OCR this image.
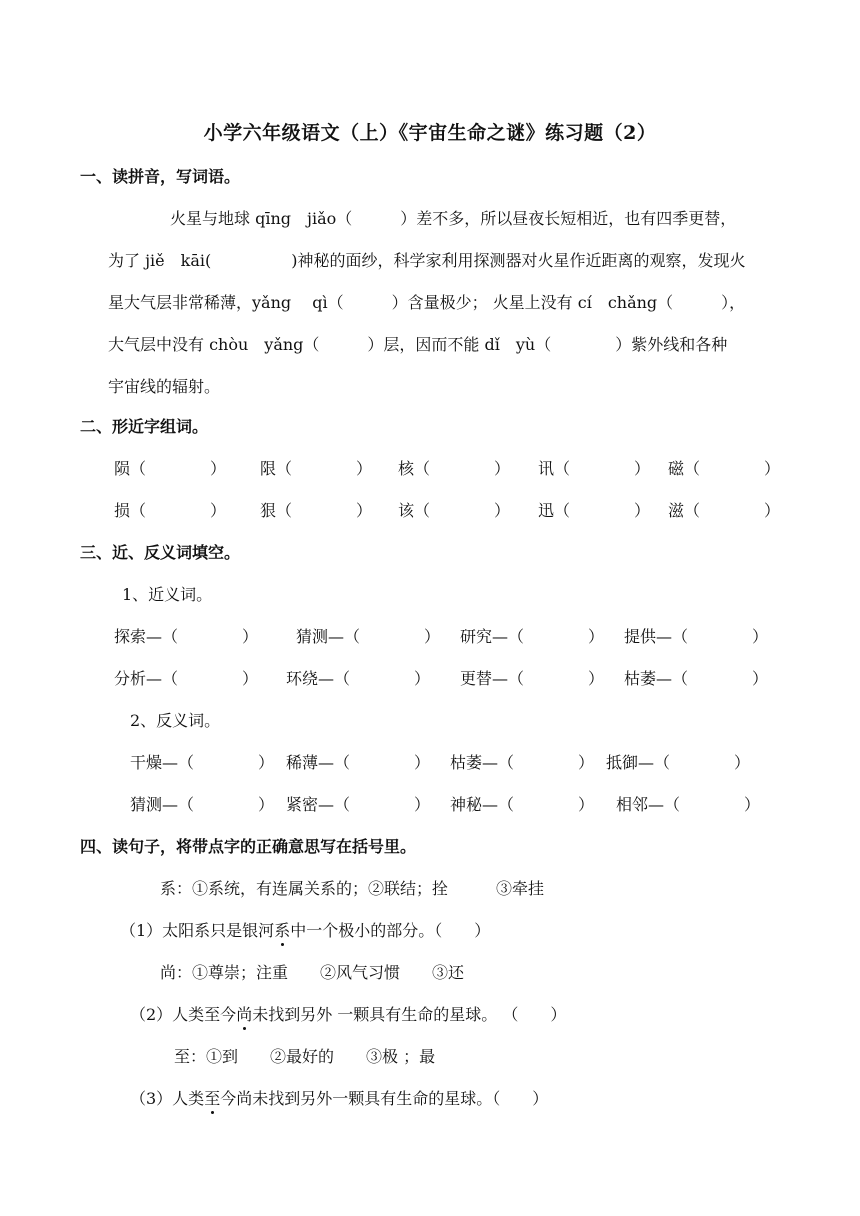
小学六年级语文（上）《宇宙生命之谜》练习题（2）
一、读拼音，写词语。
火星与地球 qīng　jiǎo（　　　）差不多，所以昼夜长短相近，也有四季更替，
为了 jiě　kāi(　　　　　)神秘的面纱，科学家利用探测器对火星作近距离的观察，发现火
星大气层非常稀薄，yǎng　 qì（　　　）含量极少； 火星上没有 cí　chǎng（　　　），
大气层中没有 chòu　yǎng（　　　）层，因而不能 dǐ　yù（　　　　）紫外线和各种
宇宙线的辐射。
二、形近字组词。
陨（　　　　） 限（　　　　） 核（　　　　） 讯（　　　　） 磁（　　　　）
损（　　　　） 狠（　　　　） 该（　　　　） 迅（　　　　） 滋（　　　　）
三、近、反义词填空。
1、近义词。
探索—（　　　　） 猜测—（　　　　） 研究—（　　　　） 提供—（　　　　）
分析—（　　　　） 环绕—（　　　　） 更替—（　　　　） 枯萎—（　　　　）
2、反义词。
干燥—（　　　　） 稀薄—（　　　　） 枯萎—（　　　　） 抵御—（　　　　）
猜测—（　　　　） 紧密—（　　　　） 神秘—（　　　　） 相邻—（　　　　）
四、读句子，将带点字的正确意思写在括号里。
系：①系统，有连属关系的；②联结；拴　　　③牵挂
（1）太阳系只是银河系中一个极小的部分。（　　）
尚：①尊崇；注重　　②风气习惯　　③还
（2）人类至今尚未找到另外 一颗具有生命的星球。 （　　）
至：①到　　②最好的　　③极 ；最
（3）人类至今尚未找到另外一颗具有生命的星球。（　　）
